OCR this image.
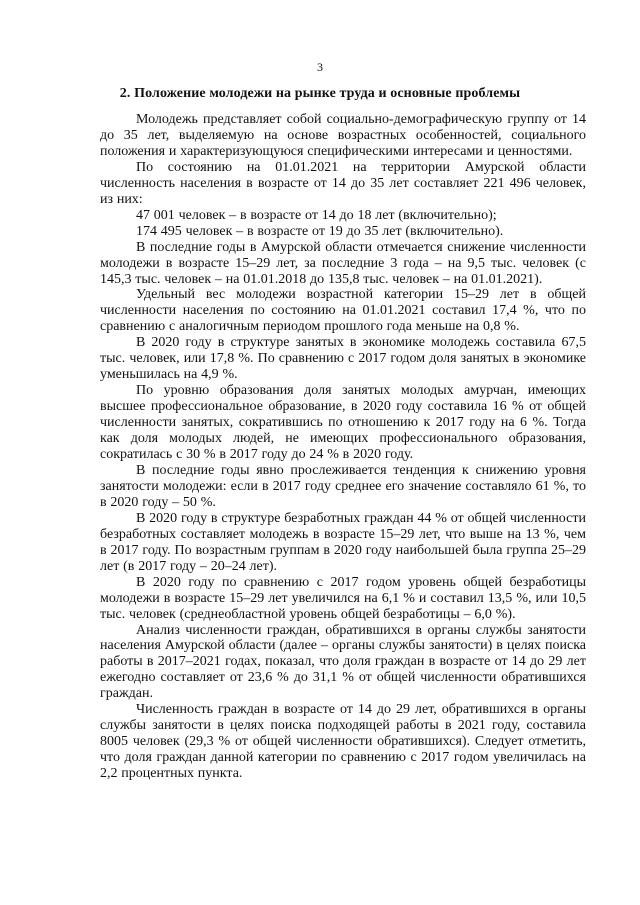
3
2. Положение молодежи на рынке труда и основные проблемы

Молодежь представляет собой социально-демографическую группу от 14 до 35 лет, выделяемую на основе возрастных особенностей, социального положения и характеризующуюся специфическими интересами и ценностями.

По состоянию на 01.01.2021 на территории Амурской области численность населения в возрасте от 14 до 35 лет составляет 221 496 человек, из них:

47 001 человек – в возрасте от 14 до 18 лет (включительно);

174 495 человек – в возрасте от 19 до 35 лет (включительно).

В последние годы в Амурской области отмечается снижение численности молодежи в возрасте 15–29 лет, за последние 3 года – на 9,5 тыс. человек (с 145,3 тыс. человек – на 01.01.2018 до 135,8 тыс. человек – на 01.01.2021).

Удельный вес молодежи возрастной категории 15–29 лет в общей численности населения по состоянию на 01.01.2021 составил 17,4 %, что по сравнению с аналогичным периодом прошлого года меньше на 0,8 %.

В 2020 году в структуре занятых в экономике молодежь составила 67,5 тыс. человек, или 17,8 %. По сравнению с 2017 годом доля занятых в экономике уменьшилась на 4,9 %.

По уровню образования доля занятых молодых амурчан, имеющих высшее профессиональное образование, в 2020 году составила 16 % от общей численности занятых, сократившись по отношению к 2017 году на 6 %. Тогда как доля молодых людей, не имеющих профессионального образования, сократилась с 30 % в 2017 году до 24 % в 2020 году.

В последние годы явно прослеживается тенденция к снижению уровня занятости молодежи: если в 2017 году среднее его значение составляло 61 %, то в 2020 году – 50 %.

В 2020 году в структуре безработных граждан 44 % от общей численности безработных составляет молодежь в возрасте 15–29 лет, что выше на 13 %, чем в 2017 году. По возрастным группам в 2020 году наибольшей была группа 25–29 лет (в 2017 году – 20–24 лет).

В 2020 году по сравнению с 2017 годом уровень общей безработицы молодежи в возрасте 15–29 лет увеличился на 6,1 % и составил 13,5 %, или 10,5 тыс. человек (среднеобластной уровень общей безработицы – 6,0 %).

Анализ численности граждан, обратившихся в органы службы занятости населения Амурской области (далее – органы службы занятости) в целях поиска работы в 2017–2021 годах, показал, что доля граждан в возрасте от 14 до 29 лет ежегодно составляет от 23,6 % до 31,1 % от общей численности обратившихся граждан.

Численность граждан в возрасте от 14 до 29 лет, обратившихся в органы службы занятости в целях поиска подходящей работы в 2021 году, составила 8005 человек (29,3 % от общей численности обратившихся). Следует отметить, что доля граждан данной категории по сравнению с 2017 годом увеличилась на 2,2 процентных пункта.
